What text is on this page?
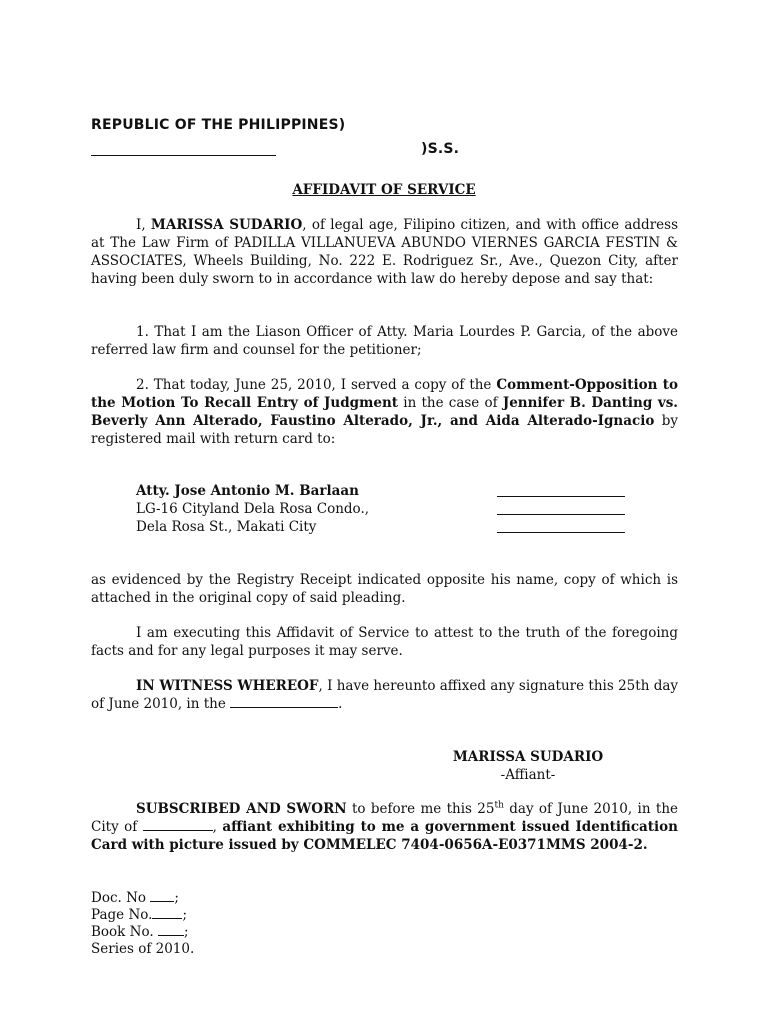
REPUBLIC OF THE PHILIPPINES)
)S.S.
AFFIDAVIT OF SERVICE
I, MARISSA SUDARIO, of legal age, Filipino citizen, and with office address at The Law Firm of PADILLA VILLANUEVA ABUNDO VIERNES GARCIA FESTIN & ASSOCIATES, Wheels Building, No. 222 E. Rodriguez Sr., Ave., Quezon City, after having been duly sworn to in accordance with law do hereby depose and say that:
1. That I am the Liason Officer of Atty. Maria Lourdes P. Garcia, of the above referred law firm and counsel for the petitioner;
2. That today, June 25, 2010, I served a copy of the Comment-Opposition to the Motion To Recall Entry of Judgment in the case of Jennifer B. Danting vs. Beverly Ann Alterado, Faustino Alterado, Jr., and Aida Alterado-Ignacio by registered mail with return card to:
Atty. Jose Antonio M. Barlaan
LG-16 Cityland Dela Rosa Condo.,
Dela Rosa St., Makati City
as evidenced by the Registry Receipt indicated opposite his name, copy of which is attached in the original copy of said pleading.
I am executing this Affidavit of Service to attest to the truth of the foregoing facts and for any legal purposes it may serve.
IN WITNESS WHEREOF, I have hereunto affixed any signature this 25th day of June 2010, in the	.
MARISSA SUDARIO
-Affiant-
SUBSCRIBED AND SWORN to before me this 25th day of June 2010, in the City of	, affiant exhibiting to me a government issued Identification Card with picture issued by COMMELEC 7404-0656A-E0371MMS 2004-2.
Doc. No ;
Page No. ;
Book No. ;
Series of 2010.
